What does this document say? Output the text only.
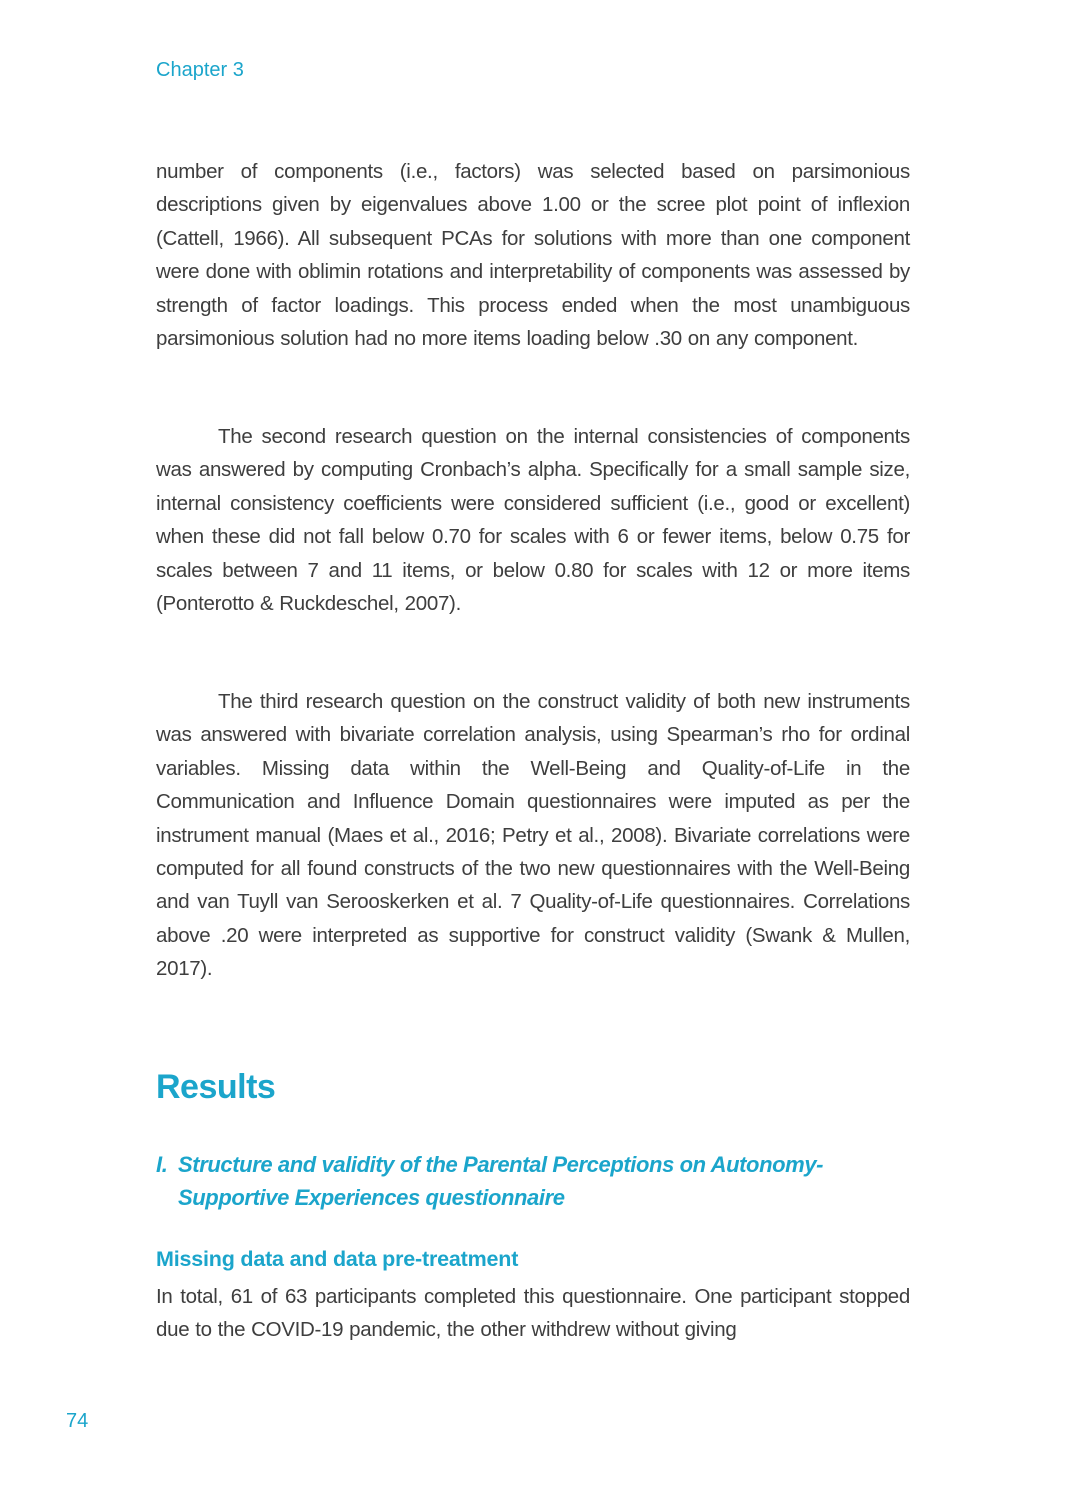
Chapter 3

number of components (i.e., factors) was selected based on parsimonious descriptions given by eigenvalues above 1.00 or the scree plot point of inflexion (Cattell, 1966). All subsequent PCAs for solutions with more than one component were done with oblimin rotations and interpretability of components was assessed by strength of factor loadings. This process ended when the most unambiguous parsimonious solution had no more items loading below .30 on any component.

The second research question on the internal consistencies of components was answered by computing Cronbach’s alpha. Specifically for a small sample size, internal consistency coefficients were considered sufficient (i.e., good or excellent) when these did not fall below 0.70 for scales with 6 or fewer items, below 0.75 for scales between 7 and 11 items, or below 0.80 for scales with 12 or more items (Ponterotto & Ruckdeschel, 2007).

The third research question on the construct validity of both new instruments was answered with bivariate correlation analysis, using Spearman’s rho for ordinal variables. Missing data within the Well-Being and Quality-of-Life in the Communication and Influence Domain questionnaires were imputed as per the instrument manual (Maes et al., 2016; Petry et al., 2008). Bivariate correlations were computed for all found constructs of the two new questionnaires with the Well-Being and van Tuyll van Serooskerken et al. 7 Quality-of-Life questionnaires. Correlations above .20 were interpreted as supportive for construct validity (Swank & Mullen, 2017).

Results
I. Structure and validity of the Parental Perceptions on Autonomy-Supportive Experiences questionnaire
Missing data and data pre-treatment

In total, 61 of 63 participants completed this questionnaire. One participant stopped due to the COVID-19 pandemic, the other withdrew without giving

74
